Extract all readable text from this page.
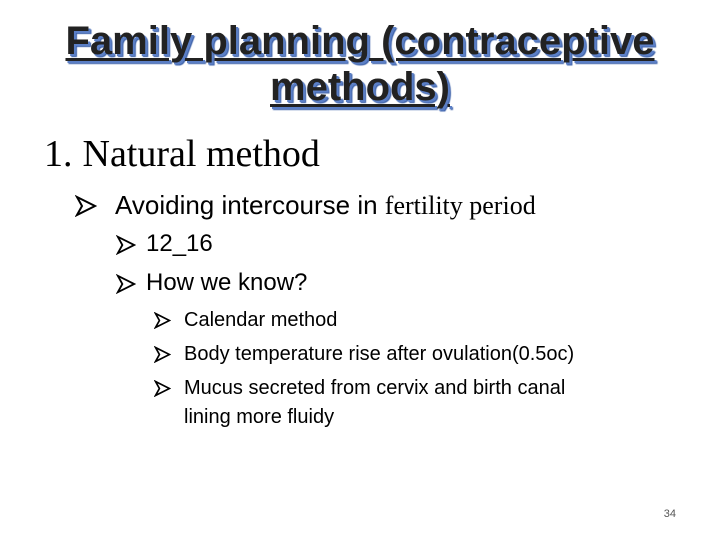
Family planning (contraceptive
methods)
1. Natural method
Avoiding intercourse in fertility period
12_16
How we know?
Calendar method
Body temperature rise after ovulation(0.5oc)
Mucus secreted from cervix and birth canal
lining more fluidy
34
